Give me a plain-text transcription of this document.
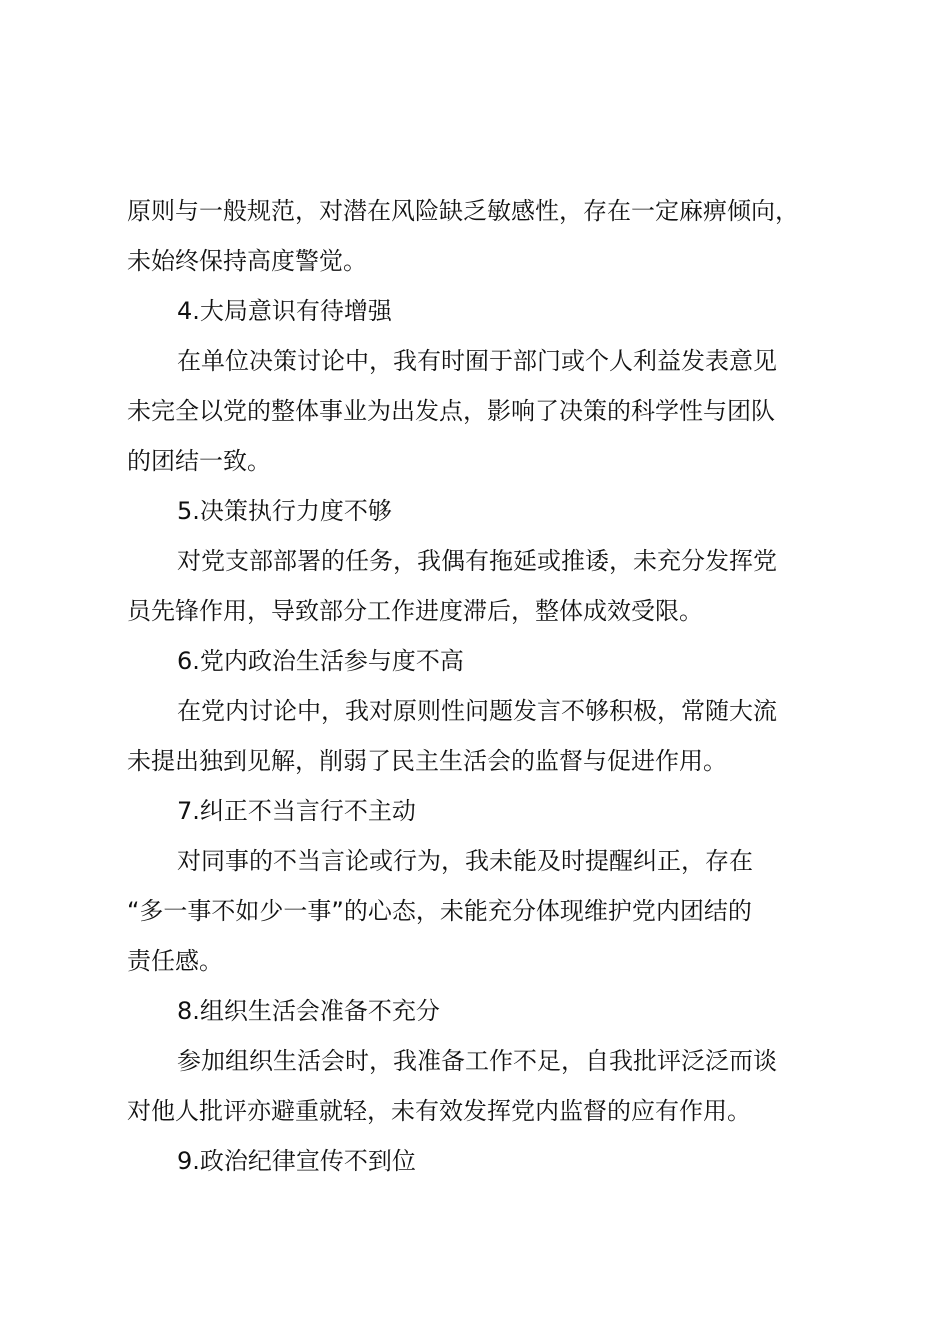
原则与一般规范，对潜在风险缺乏敏感性，存在一定麻痹倾向，
未始终保持高度警觉。
4.大局意识有待增强
在单位决策讨论中，我有时囿于部门或个人利益发表意见
未完全以党的整体事业为出发点，影响了决策的科学性与团队
的团结一致。
5.决策执行力度不够
对党支部部署的任务，我偶有拖延或推诿，未充分发挥党
员先锋作用，导致部分工作进度滞后，整体成效受限。
6.党内政治生活参与度不高
在党内讨论中，我对原则性问题发言不够积极，常随大流
未提出独到见解，削弱了民主生活会的监督与促进作用。
7.纠正不当言行不主动
对同事的不当言论或行为，我未能及时提醒纠正，存在
“多一事不如少一事”的心态，未能充分体现维护党内团结的
责任感。
8.组织生活会准备不充分
参加组织生活会时，我准备工作不足，自我批评泛泛而谈
对他人批评亦避重就轻，未有效发挥党内监督的应有作用。
9.政治纪律宣传不到位
